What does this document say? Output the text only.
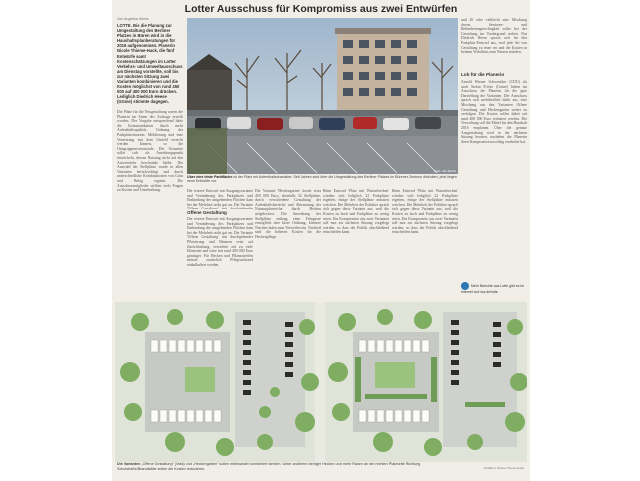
Lotter Ausschuss für Kompromiss aus zwei Entwürfen
Von Angelika Hitzke
LOTTE. Bis die Planung zur Umgestaltung des Berliner Platzes in Büren wird in die Haushaltsplanberatungen für 2016 aufgenommen. Planerin Nicole Thieme-Hack, die fünf Entwürfe samt Kostenschätzungen im Lotter Verkehrs- und Umweltausschuss am Dienstag vorstellte, soll bis zur nächsten Sitzung zwei Varianten kombinieren und die Kosten möglichst von rund 450 000 auf 400 000 Euro drücken. Lediglich Diedrich Heese (Grüne) stimmte dagegen.
Foto: Jan-Moritz
Über eine triste Parkfläche ist der Platz mit Aufenthaltscharakter. Seit Jahren wird über die Umgestaltung des Berliner Platzes im Bürener Zentrum diskutiert, jetzt liegen neue Entwürfe vor.
Die Pläne für die Neugestaltung waren die Planerin im Sinne des Auftrags erstellt worden. Der Vorgabe entsprechend hätte die Kommunikation durch mehr Aufenthaltsqualität, Ordnung der Parkplatzsituation, Möblierung und eine Vernetzung mit dem Umfeld erreicht werden können, so die Ortsgruppenvorsitzende. Die Ortsmitte sollte sich als Anziehungspunkt entwickeln, dessen Nutzung nicht auf den Autoverkehr beschränkt bleibt. Die Auswahl der Stellplätze wurde in allen Varianten berücksichtigt und durch unterschiedliche Kombinationen von Grün und Belag ergänzt. Die Ausschussmitglieder stellten viele Fragen zu Kosten und Unterhaltung.	Der teurere Entwurf mit Ausgangsvariante und Veränderung des Parkplatzes und Einbindung der umgebenden Flächen kam bei der Mehrheit nicht gut an. Die Variante
Offene Gestaltung
Der teurere Entwurf mit Ausgangsvariante und Veränderung des Parkplatzes und Einbindung der umgebenden Flächen kam bei der Mehrheit nicht gut an. Die Variante 'Offene Gestaltung' mit durchgehender Pflasterung und Bäumen setzt auf Zurückhaltung, verzichtet auf zu viele Elemente und wäre mit rund 400 000 Euro günstiger. Für Hecken und Pflanzstreifen müsste zusätzlich Pflegeaufwand einkalkuliert werden.
Die Variante 'Heckengarten' kostet etwa 450 000 Euro, ebenfalls 32 Stellplätze, durch verschiedene Gestaltung der Aufenthaltsbereiche und Abtrennung der Nutzungsbereiche durch Hecken aufgelockert. Die Anordnung der Stellplätze entlang einer Fahrgasse ermöglicht eine klare Ordnung, kleinere Nischen laden zum Verweilen ein. Nachteil sind die höheren Kosten für die Heckenpflege.
Beim Entwurf 'Platz mit Wasserbecken' würden sich lediglich 22 Parkplätze ergeben, einige der Stellplätze müssten weichen. Die Mehrheit der Politiker sprach sich gegen diese Variante aus, weil die Kosten zu hoch und Parkplätze zu wenig seien. Ein Kompromiss aus zwei Varianten soll nun zur nächsten Sitzung vorgelegt werden, so dass die Politik abschließend entscheiden kann.
Beim Entwurf 'Platz mit Wasserbecken' würden sich lediglich 22 Parkplätze ergeben, einige der Stellplätze müssten weichen. Die Mehrheit der Politiker sprach sich gegen diese Variante aus, weil die Kosten zu hoch und Parkplätze zu wenig seien. Ein Kompromiss aus zwei Varianten soll nun zur nächsten Sitzung vorgelegt werden, so dass die Politik abschließend entscheiden kann.
und 26 oder vielleicht eine Mischung davon. Senioren- und Behindertengerechtigkeit sollte bei der Gestaltung im Vordergrund stehen. Nur Diedrich Heese sprach sich für den Parkplatz-Entwurf aus, weil jede Art von Gestaltung zu teuer sei und die Kosten in keinem Verhältnis zum Nutzen stünden.
Lob für die Planerin
Arnold Werner Schwentker (CDU) als auch Stefan Fricke (Grüne) lobten im Ausschuss die Planerin für die gute Darstellung der Varianten. Der Ausschuss sprach sich mehrheitlich dafür aus, eine Mischung aus den Varianten Offene Gestaltung und Heckengarten weiter zu verfolgen. Die Kosten sollen dabei auf rund 400 000 Euro reduziert werden. Die Verwaltung soll die Mittel für den Haushalt 2016 einplanen. Über die genaue Ausgestaltung wird in der nächsten Sitzung beraten, nachdem die Planerin ihren Kompromissvorschlag erarbeitet hat.
Mehr Berichte aus Lotte gibt es im Internet auf noz.de/lotte
Die Varianten „Offene Gestaltung" (links) und „Heckengarten" sollen miteinander kombiniert werden. Unter anderem weniger Hecken und mehr Rasen an der rechten Platzseite Richtung Schulstraße/Brandstätte sollen die Kosten reduzieren.	Grafiken: Nicole Thieme-Hack
